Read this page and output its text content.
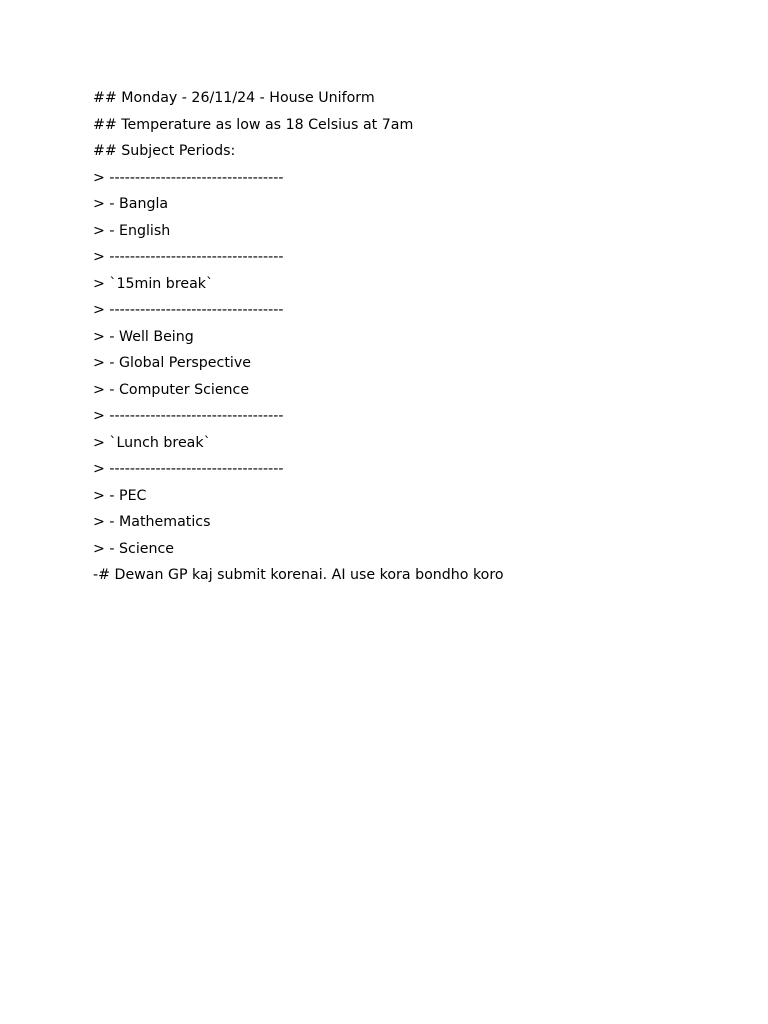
## Monday - 26/11/24 - House Uniform
## Temperature as low as 18 Celsius at 7am
## Subject Periods:
> ----------------------------------
> - Bangla
> - English
> ----------------------------------
> `15min break`
> ----------------------------------
> - Well Being
> - Global Perspective
> - Computer Science
> ----------------------------------
> `Lunch break`
> ----------------------------------
> - PEC
> - Mathematics
> - Science
-# Dewan GP kaj submit korenai. AI use kora bondho koro
